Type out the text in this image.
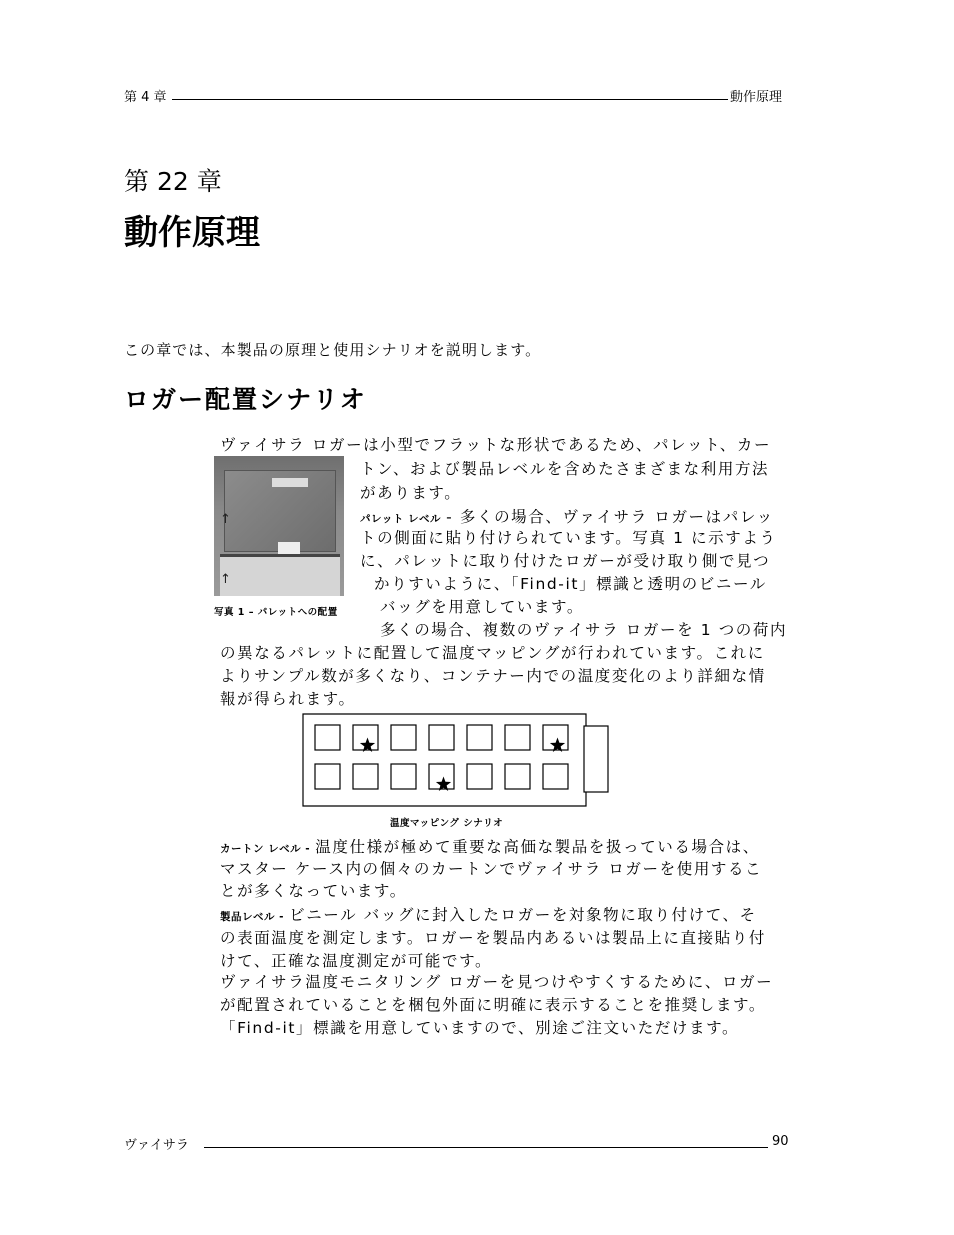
第 4 章	動作原理
第 22 章
動作原理
この章では、本製品の原理と使用シナリオを説明します。
ロガー配置シナリオ
ヴァイサラ ロガーは小型でフラットな形状であるため、パレット、カー
トン、および製品レベルを含めたさまざまな利用方法
があります。
↑
↑
写真 1 – パレットへの配置
パレット レベル - 多くの場合、ヴァイサラ ロガーはパレッ
トの側面に貼り付けられています。写真 1 に示すよう
に、パレットに取り付けたロガーが受け取り側で見つ
かりすいように、「Find-it」標識と透明のビニール
バッグを用意しています。
多くの場合、複数のヴァイサラ ロガーを 1 つの荷内
の異なるパレットに配置して温度マッピングが行われています。これに
よりサンプル数が多くなり、コンテナー内での温度変化のより詳細な情
報が得られます。
温度マッピング シナリオ
カートン レベル - 温度仕様が極めて重要な高価な製品を扱っている場合は、
マスター ケース内の個々のカートンでヴァイサラ ロガーを使用するこ
とが多くなっています。
製品レベル - ビニール バッグに封入したロガーを対象物に取り付けて、そ
の表面温度を測定します。ロガーを製品内あるいは製品上に直接貼り付
けて、正確な温度測定が可能です。
ヴァイサラ温度モニタリング ロガーを見つけやすくするために、ロガー
が配置されていることを梱包外面に明確に表示することを推奨します。
「Find-it」標識を用意していますので、別途ご注文いただけます。
ヴァイサラ	90
